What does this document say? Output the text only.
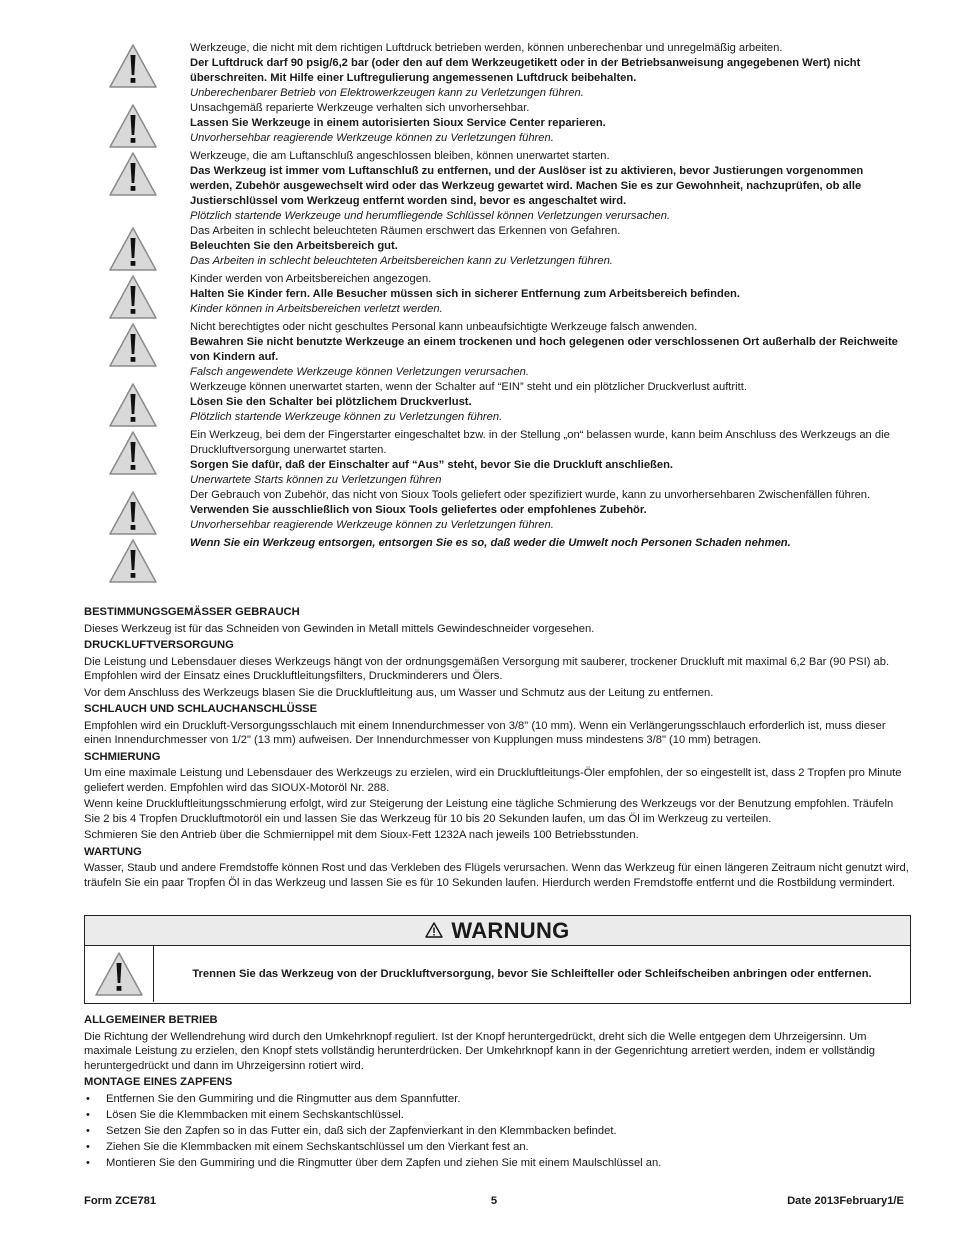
Werkzeuge, die nicht mit dem richtigen Luftdruck betrieben werden, können unberechenbar und unregelmäßig arbeiten.

Der Luftdruck darf 90 psig/6,2 bar (oder den auf dem Werkzeugetikett oder in der Betriebsanweisung angegebenen Wert) nicht überschreiten. Mit Hilfe einer Luftregulierung angemessenen Luftdruck beibehalten.

Unberechenbarer Betrieb von Elektrowerkzeugen kann zu Verletzungen führen.

Unsachgemäß reparierte Werkzeuge verhalten sich unvorhersehbar.

Lassen Sie Werkzeuge in einem autorisierten Sioux Service Center reparieren.

Unvorhersehbar reagierende Werkzeuge können zu Verletzungen führen.

Werkzeuge, die am Luftanschluß angeschlossen bleiben, können unerwartet starten.

Das Werkzeug ist immer vom Luftanschluß zu entfernen, und der Auslöser ist zu aktivieren, bevor Justierungen vorgenommen werden, Zubehör ausgewechselt wird oder das Werkzeug gewartet wird. Machen Sie es zur Gewohnheit, nachzuprüfen, ob alle Justierschlüssel vom Werkzeug entfernt worden sind, bevor es angeschaltet wird.

Plötzlich startende Werkzeuge und herumfliegende Schlüssel können Verletzungen verursachen.

Das Arbeiten in schlecht beleuchteten Räumen erschwert das Erkennen von Gefahren.

Beleuchten Sie den Arbeitsbereich gut.

Das Arbeiten in schlecht beleuchteten Arbeitsbereichen kann zu Verletzungen führen.

Kinder werden von Arbeitsbereichen angezogen.

Halten Sie Kinder fern. Alle Besucher müssen sich in sicherer Entfernung zum Arbeitsbereich befinden.

Kinder können in Arbeitsbereichen verletzt werden.

Nicht berechtigtes oder nicht geschultes Personal kann unbeaufsichtigte Werkzeuge falsch anwenden.

Bewahren Sie nicht benutzte Werkzeuge an einem trockenen und hoch gelegenen oder verschlossenen Ort außerhalb der Reichweite von Kindern auf.

Falsch angewendete Werkzeuge können Verletzungen verursachen.

Werkzeuge können unerwartet starten, wenn der Schalter auf “EIN” steht und ein plötzlicher Druckverlust auftritt.

Lösen Sie den Schalter bei plötzlichem Druckverlust.

Plötzlich startende Werkzeuge können zu Verletzungen führen.

Ein Werkzeug, bei dem der Fingerstarter eingeschaltet bzw. in der Stellung „on“ belassen wurde, kann beim Anschluss des Werkzeugs an die Druckluftversorgung unerwartet starten.

Sorgen Sie dafür, daß der Einschalter auf “Aus” steht, bevor Sie die Druckluft anschließen.

Unerwartete Starts können zu Verletzungen führen

Der Gebrauch von Zubehör, das nicht von Sioux Tools geliefert oder spezifiziert wurde, kann zu unvorhersehbaren Zwischenfällen führen.

Verwenden Sie ausschließlich von Sioux Tools geliefertes oder empfohlenes Zubehör.

Unvorhersehbar reagierende Werkzeuge können zu Verletzungen führen.

Wenn Sie ein Werkzeug entsorgen, entsorgen Sie es so, daß weder die Umwelt noch Personen Schaden nehmen.

BESTIMMUNGSGEMÄSSER GEBRAUCH

Dieses Werkzeug ist für das Schneiden von Gewinden in Metall mittels Gewindeschneider vorgesehen.

DRUCKLUFTVERSORGUNG

Die Leistung und Lebensdauer dieses Werkzeugs hängt von der ordnungsgemäßen Versorgung mit sauberer, trockener Druckluft mit maximal 6,2 Bar (90 PSI) ab. Empfohlen wird der Einsatz eines Druckluftleitungsfilters, Druckminderers und Ölers.

Vor dem Anschluss des Werkzeugs blasen Sie die Druckluftleitung aus, um Wasser und Schmutz aus der Leitung zu entfernen.

SCHLAUCH UND SCHLAUCHANSCHLÜSSE

Empfohlen wird ein Druckluft-Versorgungsschlauch mit einem Innendurchmesser von 3/8" (10 mm). Wenn ein Verlängerungsschlauch erforderlich ist, muss dieser einen Innendurchmesser von 1/2" (13 mm) aufweisen. Der Innendurchmesser von Kupplungen muss mindestens 3/8" (10 mm) betragen.

SCHMIERUNG

Um eine maximale Leistung und Lebensdauer des Werkzeugs zu erzielen, wird ein Druckluftleitungs-Öler empfohlen, der so eingestellt ist, dass 2 Tropfen pro Minute geliefert werden. Empfohlen wird das SIOUX-Motoröl Nr. 288.

Wenn keine Druckluftleitungsschmierung erfolgt, wird zur Steigerung der Leistung eine tägliche Schmierung des Werkzeugs vor der Benutzung empfohlen. Träufeln Sie 2 bis 4 Tropfen Druckluftmotoröl ein und lassen Sie das Werkzeug für 10 bis 20 Sekunden laufen, um das Öl im Werkzeug zu verteilen.

Schmieren Sie den Antrieb über die Schmiernippel mit dem Sioux-Fett 1232A nach jeweils 100 Betriebsstunden.

WARTUNG

Wasser, Staub und andere Fremdstoffe können Rost und das Verkleben des Flügels verursachen. Wenn das Werkzeug für einen längeren Zeitraum nicht genutzt wird, träufeln Sie ein paar Tropfen Öl in das Werkzeug und lassen Sie es für 10 Sekunden laufen. Hierdurch werden Fremdstoffe entfernt und die Rostbildung vermindert.

WARNUNG
Trennen Sie das Werkzeug von der Druckluftversorgung, bevor Sie Schleifteller oder Schleifscheiben anbringen oder entfernen.
ALLGEMEINER BETRIEB

Die Richtung der Wellendrehung wird durch den Umkehrknopf reguliert. Ist der Knopf heruntergedrückt, dreht sich die Welle entgegen dem Uhrzeigersinn. Um maximale Leistung zu erzielen, den Knopf stets vollständig herunterdrücken. Der Umkehrknopf kann in der Gegenrichtung arretiert werden, indem er vollständig heruntergedrückt und dann im Uhrzeigersinn rotiert wird.

MONTAGE EINES ZAPFENS
• Entfernen Sie den Gummiring und die Ringmutter aus dem Spannfutter.
• Lösen Sie die Klemmbacken mit einem Sechskantschlüssel.
• Setzen Sie den Zapfen so in das Futter ein, daß sich der Zapfenvierkant in den Klemmbacken befindet.
• Ziehen Sie die Klemmbacken mit einem Sechskantschlüssel um den Vierkant fest an.
• Montieren Sie den Gummiring und die Ringmutter über dem Zapfen und ziehen Sie mit einem Maulschlüssel an.
Form ZCE781	5	Date 2013February1/E
